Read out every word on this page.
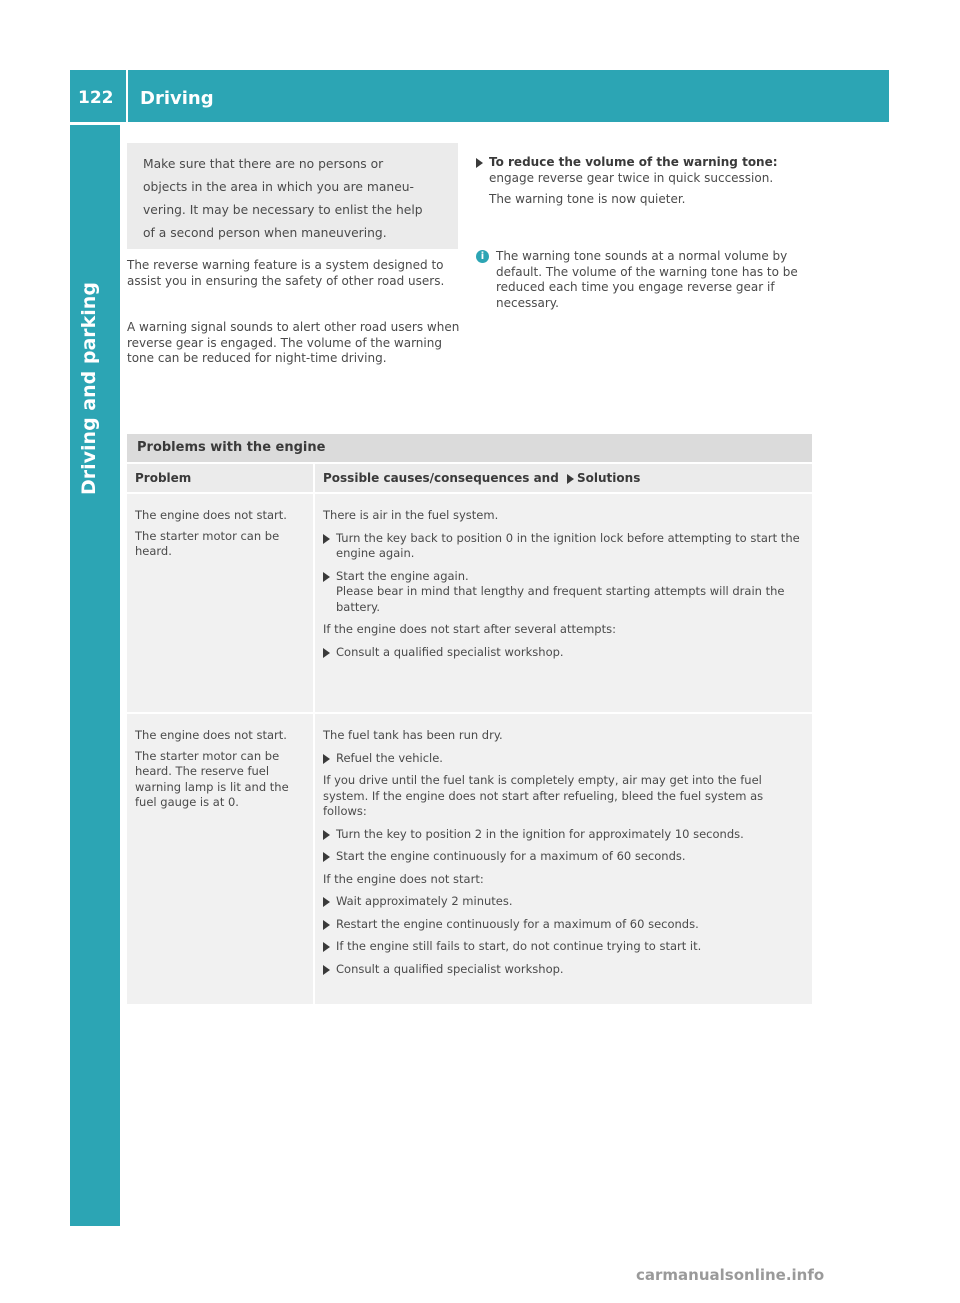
122 Driving
Driving and parking
Make sure that there are no persons or
objects in the area in which you are maneu-
vering. It may be necessary to enlist the help
of a second person when maneuvering.
The reverse warning feature is a system designed to assist you in ensuring the safety of other road users.
A warning signal sounds to alert other road users when reverse gear is engaged. The volume of the warning tone can be reduced for night-time driving.
To reduce the volume of the warning tone:
engage reverse gear twice in quick succession.
The warning tone is now quieter.
i The warning tone sounds at a normal volume by default. The volume of the warning tone has to be reduced each time you engage reverse gear if necessary.
Problems with the engine
Problem	Possible causes/consequences and Solutions

The engine does not start.

The starter motor can be heard.

There is air in the fuel system.

Turn the key back to position 0 in the ignition lock before attempting to start the engine again.
Start the engine again.
Please bear in mind that lengthy and frequent starting attempts will drain the battery.

If the engine does not start after several attempts:

Consult a qualified specialist workshop.

The engine does not start.

The starter motor can be heard. The reserve fuel warning lamp is lit and the fuel gauge is at 0.

The fuel tank has been run dry.

Refuel the vehicle.

If you drive until the fuel tank is completely empty, air may get into the fuel system. If the engine does not start after refueling, bleed the fuel system as follows:

Turn the key to position 2 in the ignition for approximately 10 seconds.
Start the engine continuously for a maximum of 60 seconds.

If the engine does not start:

Wait approximately 2 minutes.
Restart the engine continuously for a maximum of 60 seconds.
If the engine still fails to start, do not continue trying to start it.
Consult a qualified specialist workshop.
carmanualsonline.info
